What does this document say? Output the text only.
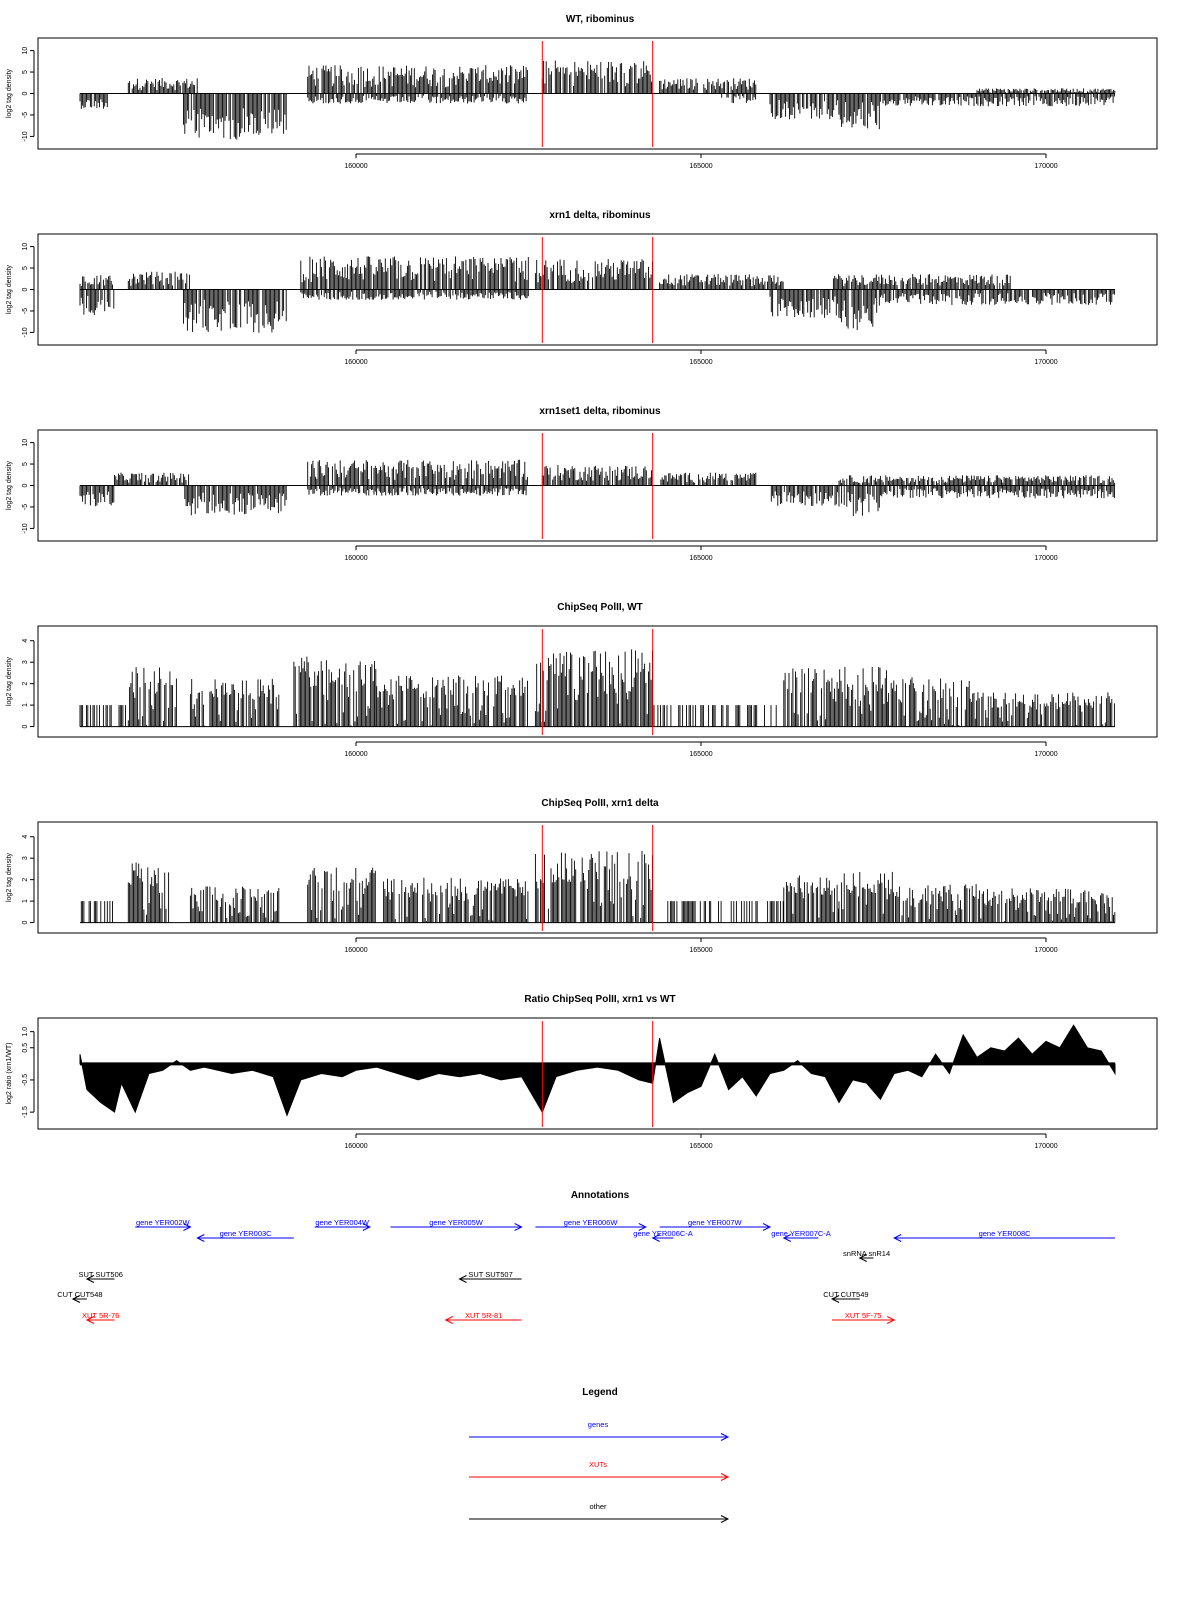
WT, ribominus
log2 tag density
10
5
0
-5
-10
160000	165000	170000
xrn1 delta, ribominus
log2 tag density
10
5
0
-5
-10
160000	165000	170000
xrn1set1 delta, ribominus
log2 tag density
10
5
0
-5
-10
160000	165000	170000
ChipSeq PolII, WT
log2 tag density
4
3
2
1
0
160000	165000	170000
ChipSeq PolII, xrn1 delta
log2 tag density
4
3
2
1
0
160000	165000	170000
Ratio ChipSeq PolII, xrn1 vs WT
log2 ratio (xrn1/WT)
1.0
0.5
-0.5
-1.5
160000	165000	170000
Annotations
gene YER002W
gene YER003C
gene YER004W	gene YER005W	gene YER006W
gene YER006C-A
gene YER007W
gene YER007C-A	gene YER008C
snRNA snR14
SUT SUT506	SUT SUT507
CUT CUT548	CUT CUT549
XUT 5R-76	XUT 5R-81	XUT 5F-75
Legend
genes
XUTs
other
